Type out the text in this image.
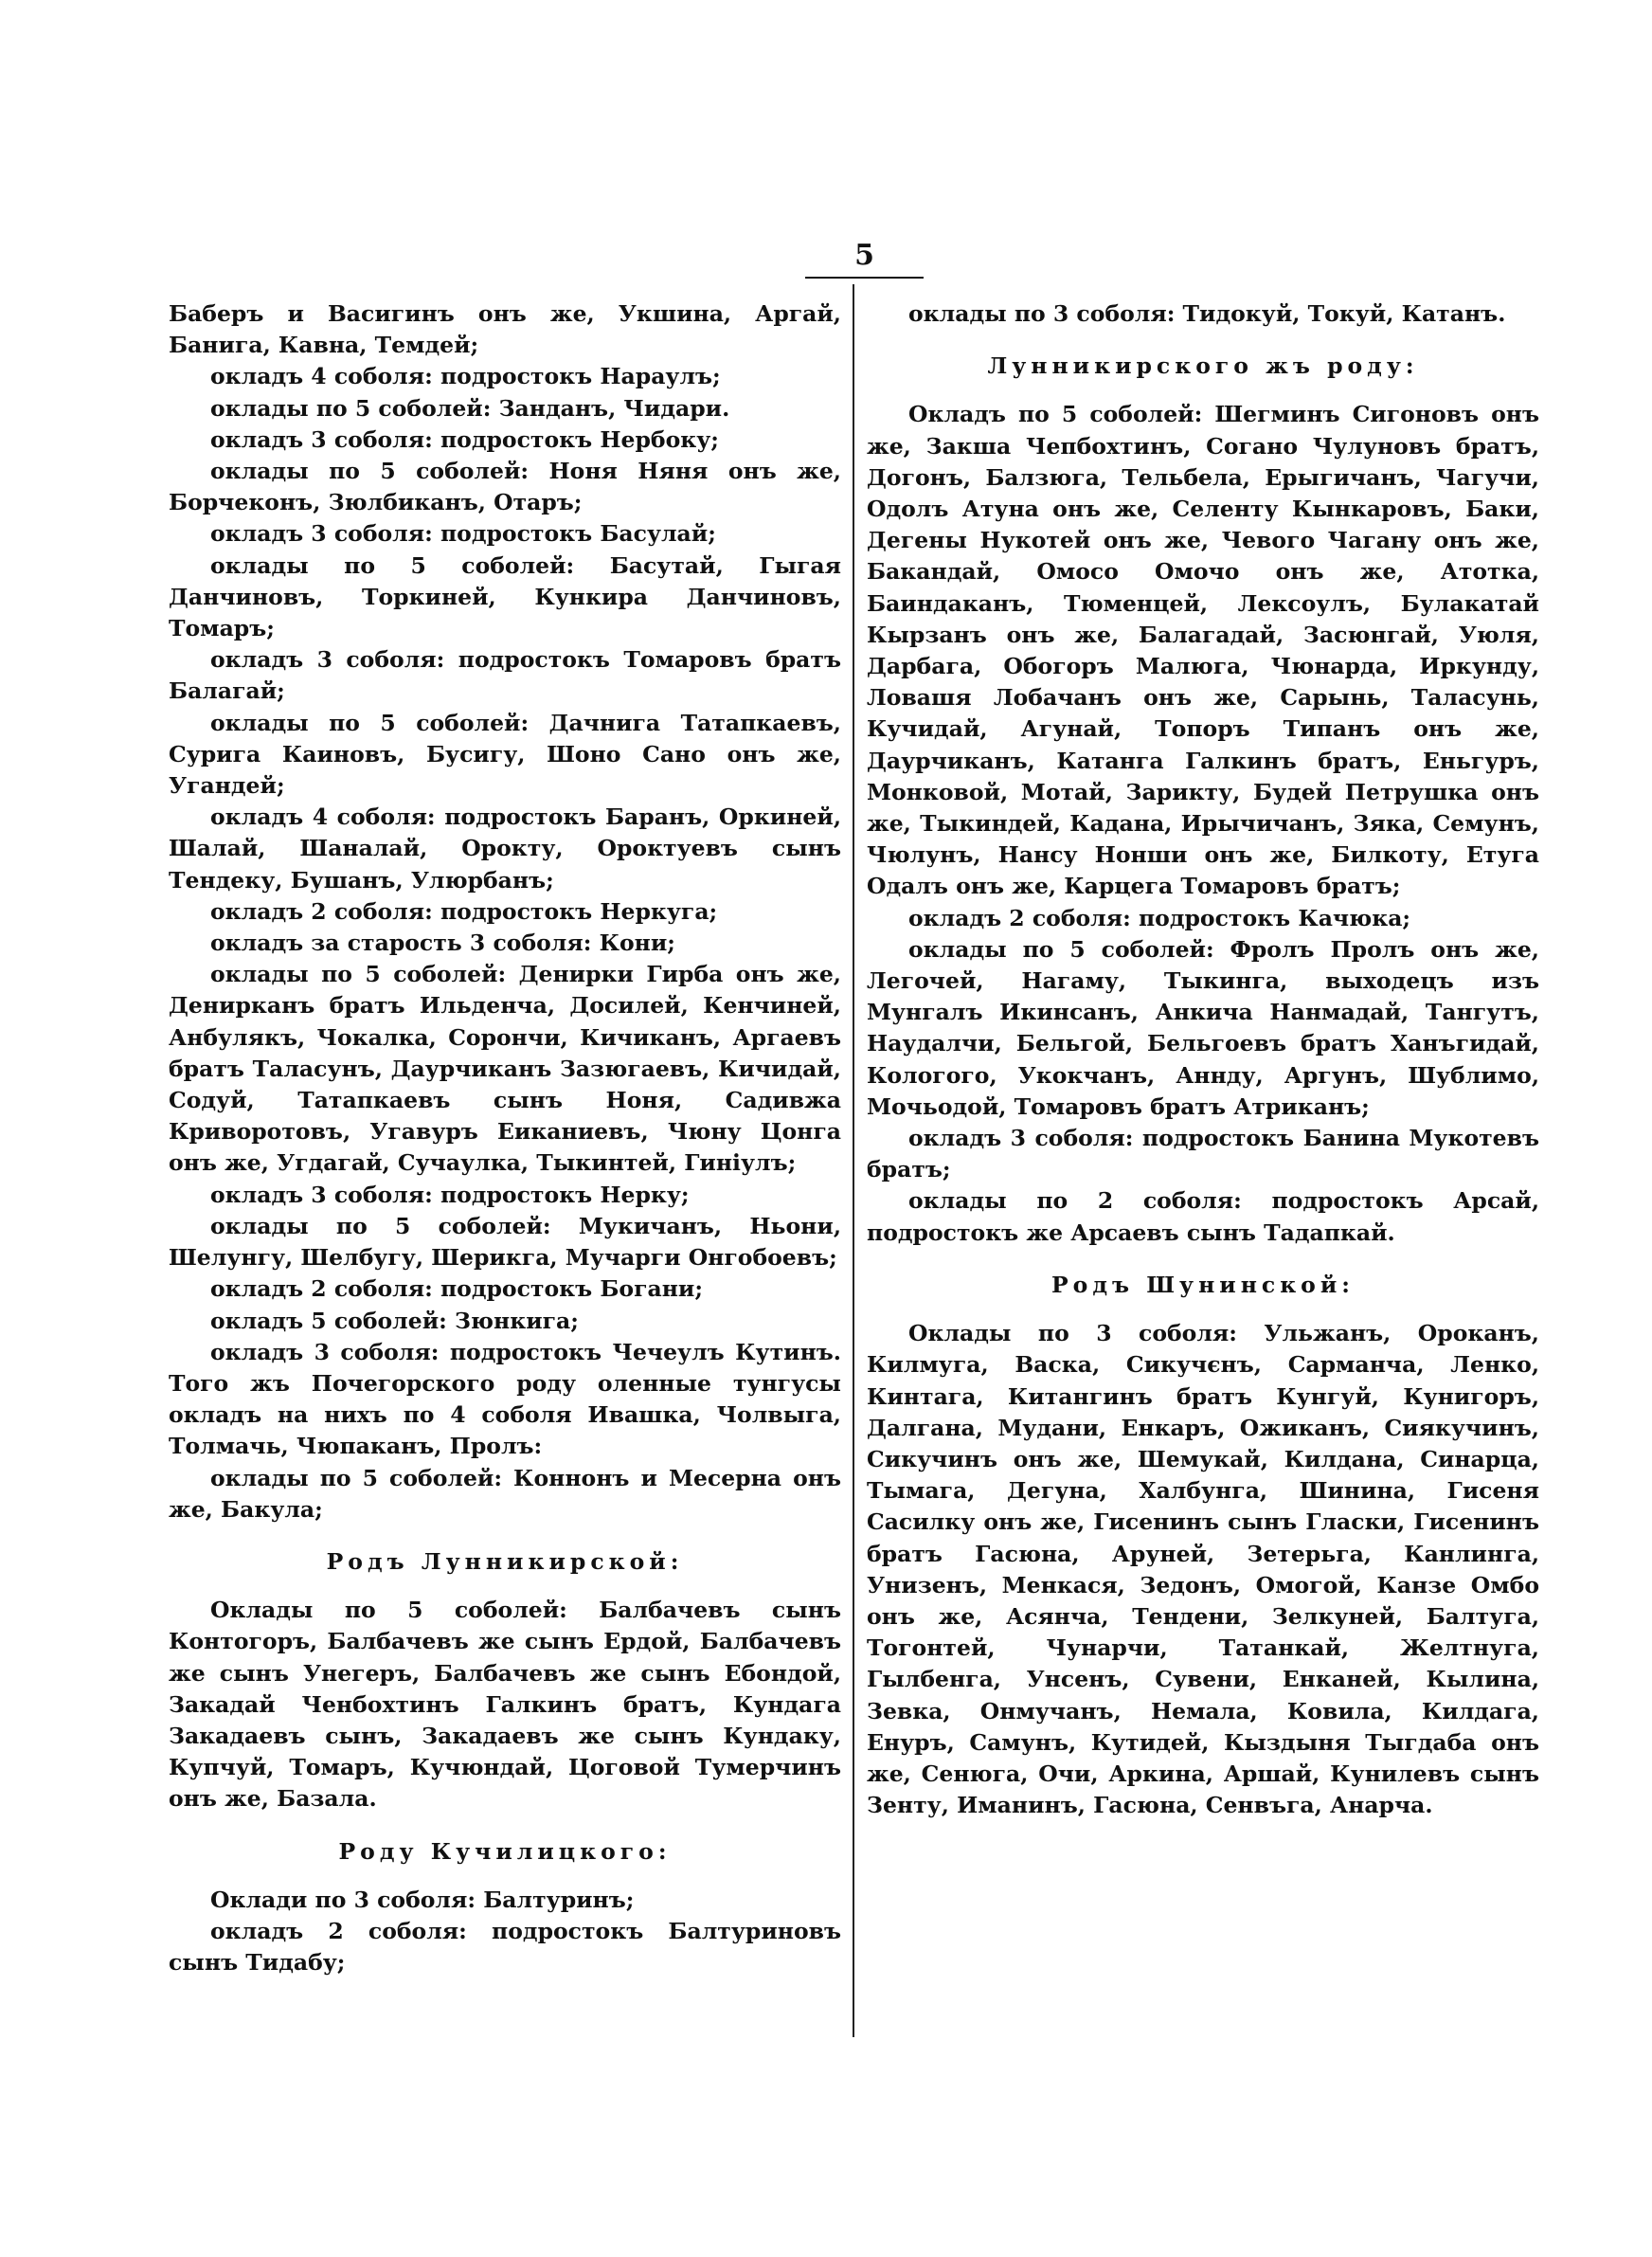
5

Баберъ и Васигинъ онъ же, Укшина, Аргай, Банига, Кавна, Темдей;

окладъ 4 соболя: подростокъ Нараулъ;

оклады по 5 соболей: Занданъ, Чидари.

окладъ 3 соболя: подростокъ Нербоку;

оклады по 5 соболей: Ноня Няня онъ же, Борчеконъ, Зюлбиканъ, Отаръ;

окладъ 3 соболя: подростокъ Басулай;

оклады по 5 соболей: Басутай, Гыгая Данчиновъ, Торкиней, Кункира Данчиновъ, Томаръ;

окладъ 3 соболя: подростокъ Томаровъ братъ Балагай;

оклады по 5 соболей: Дачнига Татапкаевъ, Сурига Каиновъ, Бусигу, Шоно Сано онъ же, Угандей;

окладъ 4 соболя: подростокъ Баранъ, Оркиней, Шалай, Шаналай, Орокту, Ороктуевъ сынъ Тендеку, Бушанъ, Улюрбанъ;

окладъ 2 соболя: подростокъ Неркуга;

окладъ за старость 3 соболя: Кони;

оклады по 5 соболей: Денирки Гирба онъ же, Денирканъ братъ Ильденча, Досилей, Кенчиней, Анбулякъ, Чокалка, Сорончи, Кичиканъ, Аргаевъ братъ Таласунъ, Даурчиканъ Зазюгаевъ, Кичидай, Содуй, Татапкаевъ сынъ Ноня, Садивжа Криворотовъ, Угавуръ Еиканиевъ, Чюну Цонга онъ же, Угдагай, Сучаулка, Тыкинтей, Гиніулъ;

окладъ 3 соболя: подростокъ Нерку;

оклады по 5 соболей: Мукичанъ, Ньони, Шелунгу, Шелбугу, Шерикга, Мучарги Онгобоевъ;

окладъ 2 соболя: подростокъ Богани;

окладъ 5 соболей: Зюнкига;

окладъ 3 соболя: подростокъ Чечеулъ Кутинъ. Того жъ Почегорского роду оленные тунгусы окладъ на нихъ по 4 соболя Ивашка, Чолвыга, Толмачь, Чюпаканъ, Пролъ:

оклады по 5 соболей: Коннонъ и Месерна онъ же, Бакула;

Родъ Лунникирской:

Оклады по 5 соболей: Балбачевъ сынъ Контогоръ, Балбачевъ же сынъ Ердой, Балбачевъ же сынъ Унегеръ, Балбачевъ же сынъ Ебондой, Закадай Ченбохтинъ Галкинъ братъ, Кундага Закадаевъ сынъ, Закадаевъ же сынъ Кундаку, Купчуй, Томаръ, Кучюндай, Цоговой Тумерчинъ онъ же, Базала.

Роду Кучилицкого:

Оклади по 3 соболя: Балтуринъ;

окладъ 2 соболя: подростокъ Балтуриновъ сынъ Тидабу;

оклады по 3 соболя: Тидокуй, Токуй, Катанъ.

Лунникирского жъ роду:

Окладъ по 5 соболей: Шегминъ Сигоновъ онъ же, Закша Чепбохтинъ, Согано Чулуновъ братъ, Догонъ, Балзюга, Тельбела, Ерыгичанъ, Чагучи, Одолъ Атуна онъ же, Селенту Кынкаровъ, Баки, Дегены Нукотей онъ же, Чевого Чагану онъ же, Бакандай, Омосо Омочо онъ же, Атотка, Баиндаканъ, Тюменцей, Лексоулъ, Булакатай Кырзанъ онъ же, Балагадай, Засюнгай, Уюля, Дарбага, Обогоръ Малюга, Чюнарда, Иркунду, Ловашя Лобачанъ онъ же, Сарынь, Таласунь, Кучидай, Агунай, Топоръ Типанъ онъ же, Даурчиканъ, Катанга Галкинъ братъ, Еньгуръ, Монковой, Мотай, Зарикту, Будей Петрушка онъ же, Тыкиндей, Кадана, Ирычичанъ, Зяка, Семунъ, Чюлунъ, Нансу Нонши онъ же, Билкоту, Етуга Одалъ онъ же, Карцега Томаровъ братъ;

окладъ 2 соболя: подростокъ Качюка;

оклады по 5 соболей: Фролъ Пролъ онъ же, Легочей, Нагаму, Тыкинга, выходецъ изъ Мунгалъ Икинсанъ, Анкича Нанмадай, Тангутъ, Наудалчи, Бельгой, Бельгоевъ братъ Ханъгидай, Кологого, Укокчанъ, Аннду, Аргунъ, Шублимо, Мочьодой, Томаровъ братъ Атриканъ;

окладъ 3 соболя: подростокъ Банина Мукотевъ братъ;

оклады по 2 соболя: подростокъ Арсай, подростокъ же Арсаевъ сынъ Тадапкай.

Родъ Шунинской:

Оклады по 3 соболя: Ульжанъ, Ороканъ, Килмуга, Васка, Сикучєнъ, Сарманча, Ленко, Кинтага, Китангинъ братъ Кунгуй, Кунигоръ, Далгана, Мудани, Енкаръ, Ожиканъ, Сиякучинъ, Сикучинъ онъ же, Шемукай, Килдана, Синарца, Тымага, Дегуна, Халбунга, Шинина, Гисеня Сасилку онъ же, Гисенинъ сынъ Гласки, Гисенинъ братъ Гасюна, Аруней, Зетерьга, Канлинга, Унизенъ, Менкася, Зедонъ, Омогой, Канзе Омбо онъ же, Асянча, Тендени, Зелкуней, Балтуга, Тогонтей, Чунарчи, Татанкай, Желтнуга, Гылбенга, Унсенъ, Сувени, Енканей, Кылина, Зевка, Онмучанъ, Немала, Ковила, Килдага, Енуръ, Самунъ, Кутидей, Кыздыня Тыгдаба онъ же, Сенюга, Очи, Аркина, Аршай, Кунилевъ сынъ Зенту, Иманинъ, Гасюна, Сенвъга, Анарча.
